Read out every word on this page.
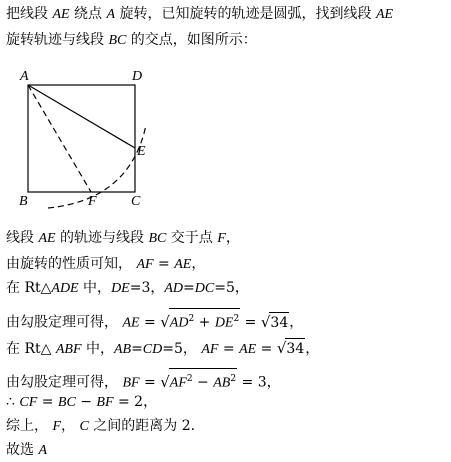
把线段 AE 绕点 A 旋转，已知旋转的轨迹是圆弧，找到线段 AE
旋转轨迹与线段 BC 的交点，如图所示：
A	D
E
B	F C
线段 AE 的轨迹与线段 BC 交于点 F，
由旋转的性质可知， AF = AE，
在 Rt△ADE 中，DE=3，AD=DC=5，
由勾股定理可得， AE = $√AD^2 + DE^2 = √34$，
在 Rt△ ABF 中，AB=CD=5， AF = AE = √34，
由勾股定理可得， BF = $√AF^2 - AB^2 = 3$，
∴ CF = BC − BF = 2，
综上， F， C 之间的距离为 2.
故选 A
